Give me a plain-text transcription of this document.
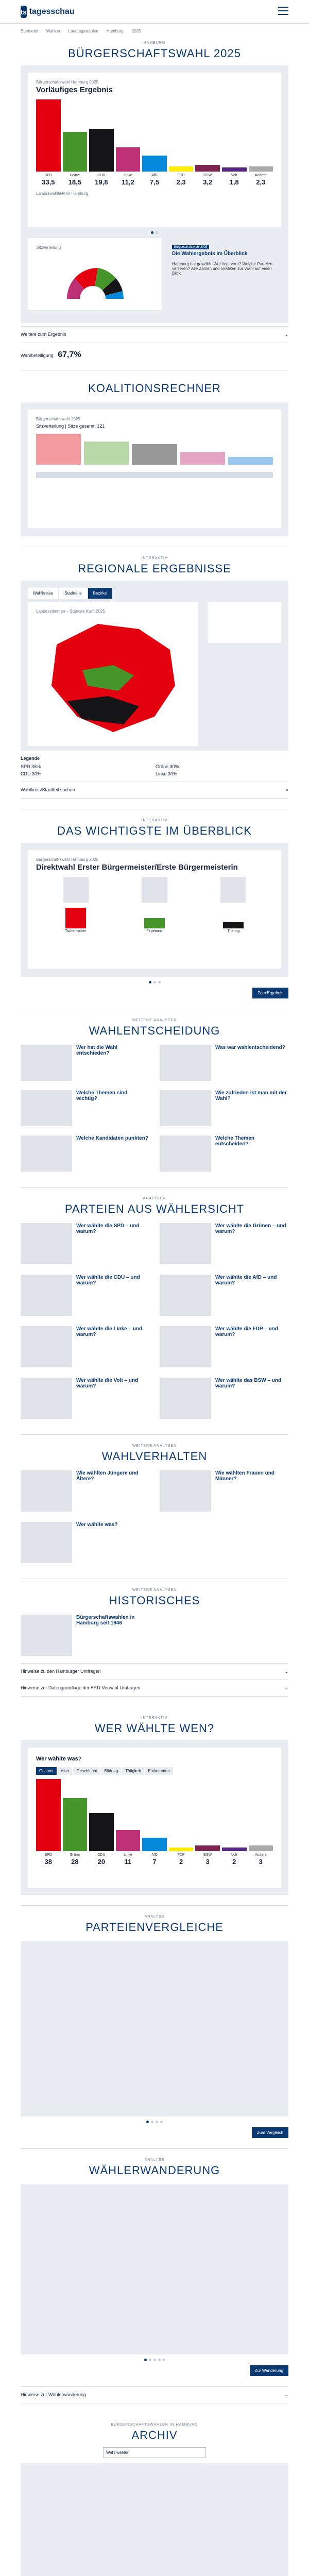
ts tagesschau
Startseite Wahlen Landtagswahlen Hamburg 2025
HAMBURG
BÜRGERSCHAFTSWAHL 2025
Bürgerschaftswahl Hamburg 2025
Vorläufiges Ergebnis
SPD	Grüne	CDU	Linke	AfD	FDP	BSW	Volt	Andere
33,5	18,5	19,8	11,2	7,5	2,3	3,2	1,8	2,3
Landeswahlleiterin Hamburg
Sitzverteilung	Bürgerschaftswahl 2025
Die Wahlergebnis im Überblick
Hamburg hat gewählt. Wer liegt vorn? Welche Parteien verlieren? Alle Zahlen und Grafiken zur Wahl auf einen Blick.
Weitere zum Ergebnis	⌄
Wahlbeteiligung 67,7%
KOALITIONSRECHNER
Bürgerschaftswahl 2025
Sitzverteilung | Sitze gesamt: 121
INTERAKTIV
REGIONALE ERGEBNISSE
Wahlkreise	Stadtteile	Bezirke
Landesstimmen – Stärkste Kraft 2025
Legende
SPD 35%	Grüne 30%
CDU 30%	Linke 30%
Wahlkreis/Stadtteil suchen	⌕
INTERAKTIV
DAS WICHTIGSTE IM ÜBERBLICK
Bürgerschaftswahl Hamburg 2025
Direktwahl Erster Bürgermeister/Erste Bürgermeisterin
Tschentscher	Fegebank	Thering
Zum Ergebnis
WEITERE ANALYSEN
WAHLENTSCHEIDUNG
Wer hat die Wahl entschieden?
Was war wahlentscheidend?
Welche Themen sind wichtig?
Wie zufrieden ist man mit der Wahl?
Welche Kandidaten punkten?	Welche Themen entscheiden?
ANALYSEN
PARTEIEN AUS WÄHLERSICHT
Wer wählte die SPD – und warum?
Wer wählte die Grünen – und warum?
Wer wählte die CDU – und warum?
Wer wählte die AfD – und warum?
Wer wählte die Linke – und warum?
Wer wählte die FDP – und warum?
Wer wählte die Volt – und warum?
Wer wählte das BSW – und warum?
WEITERE ANALYSEN
WAHLVERHALTEN
Wie wählten Jüngere und Ältere?
Wie wählten Frauen und Männer?
Wer wählte was?
WEITERE ANALYSEN
HISTORISCHES
Bürgerschaftswahlen in Hamburg seit 1946
Hinweise zu den Hamburger Umfragen	⌄
Hinweise zur Datengrundlage der ARD-Vorwahl-Umfragen	⌄
INTERAKTIV
WER WÄHLTE WEN?
Wer wählte was?
Gesamt	Alter	Geschlecht	Bildung	Tätigkeit	Einkommen
SPD	Grüne	CDU	Linke	AfD	FDP	BSW	Volt	Andere
38	28	20	11	7	2	3	2	3
ANALYSE
PARTEIENVERGLEICHE
Zum Vergleich
ANALYSE
WÄHLERWANDERUNG
Zur Wanderung
Hinweise zur Wählerwanderung	⌄
BÜRGERSCHAFTSWAHLEN IN HAMBURG
ARCHIV
Wahl wählen
